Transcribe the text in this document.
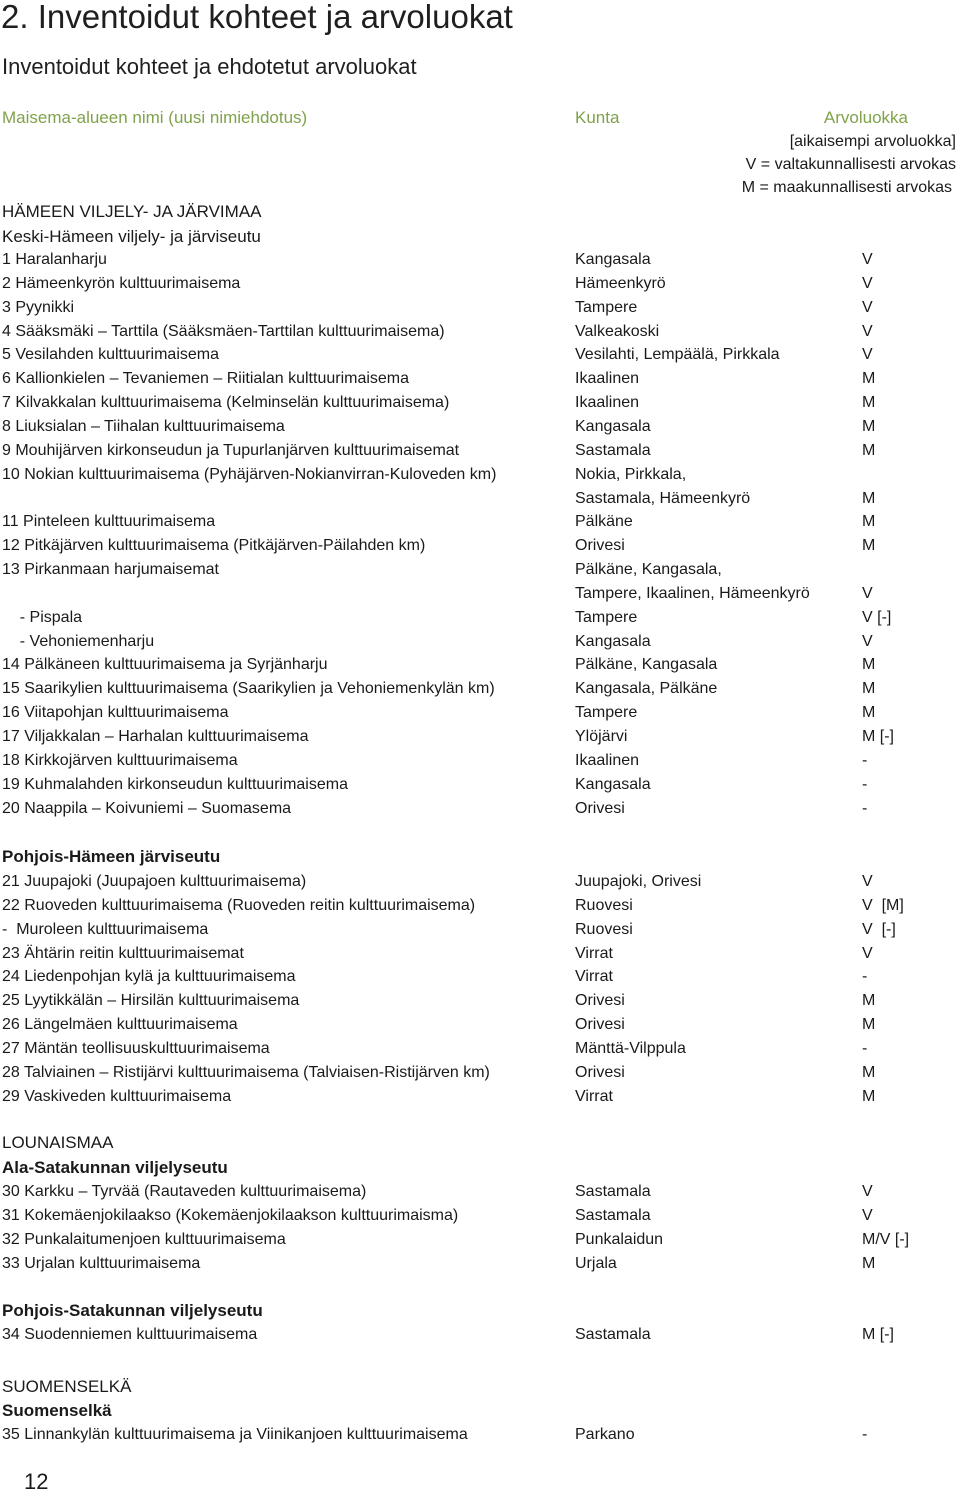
2. Inventoidut kohteet ja arvoluokat
Inventoidut kohteet ja ehdotetut arvoluokat
Maisema-alueen nimi (uusi nimiehdotus)	Kunta	Arvoluokka
[aikaisempi arvoluokka]
V = valtakunnallisesti arvokas
M = maakunnallisesti arvokas
HÄMEEN VILJELY- JA JÄRVIMAA
Keski-Hämeen viljely- ja järviseutu
Pohjois-Hämeen järviseutu
LOUNAISMAA
Ala-Satakunnan viljelyseutu
Pohjois-Satakunnan viljelyseutu
SUOMENSELKÄ
Suomenselkä
12
1 Haralanharju	Kangasala	V
2 Hämeenkyrön kulttuurimaisema	Hämeenkyrö	V
3 Pyynikki	Tampere	V
4 Sääksmäki – Tarttila (Sääksmäen-Tarttilan kulttuurimaisema)	Valkeakoski	V
5 Vesilahden kulttuurimaisema	Vesilahti, Lempäälä, Pirkkala	V
6 Kallionkielen – Tevaniemen – Riitialan kulttuurimaisema	Ikaalinen	M
7 Kilvakkalan kulttuurimaisema (Kelminselän kulttuurimaisema)	Ikaalinen	M
8 Liuksialan – Tiihalan kulttuurimaisema	Kangasala	M
9 Mouhijärven kirkonseudun ja Tupurlanjärven kulttuurimaisemat	Sastamala	M
10 Nokian kulttuurimaisema (Pyhäjärven-Nokianvirran-Kuloveden km)	Nokia, Pirkkala,
Sastamala, Hämeenkyrö	M
11 Pinteleen kulttuurimaisema	Pälkäne	M
12 Pitkäjärven kulttuurimaisema (Pitkäjärven-Päilahden km)	Orivesi	M
13 Pirkanmaan harjumaisemat	Pälkäne, Kangasala,
Tampere, Ikaalinen, Hämeenkyrö	V
- Pispala	Tampere	V [-]
- Vehoniemenharju	Kangasala	V
14 Pälkäneen kulttuurimaisema ja Syrjänharju	Pälkäne, Kangasala	M
15 Saarikylien kulttuurimaisema (Saarikylien ja Vehoniemenkylän km)	Kangasala, Pälkäne	M
16 Viitapohjan kulttuurimaisema	Tampere	M
17 Viljakkalan – Harhalan kulttuurimaisema	Ylöjärvi	M [-]
18 Kirkkojärven kulttuurimaisema	Ikaalinen	-
19 Kuhmalahden kirkonseudun kulttuurimaisema	Kangasala	-
20 Naappila – Koivuniemi – Suomasema	Orivesi	-
21 Juupajoki (Juupajoen kulttuurimaisema)	Juupajoki, Orivesi	V
22 Ruoveden kulttuurimaisema (Ruoveden reitin kulttuurimaisema)	Ruovesi	V  [M]
-  Muroleen kulttuurimaisema	Ruovesi	V  [-]
23 Ähtärin reitin kulttuurimaisemat	Virrat	V
24 Liedenpohjan kylä ja kulttuurimaisema	Virrat	-
25 Lyytikkälän – Hirsilän kulttuurimaisema	Orivesi	M
26 Längelmäen kulttuurimaisema	Orivesi	M
27 Mäntän teollisuuskulttuurimaisema	Mänttä-Vilppula	-
28 Talviainen – Ristijärvi kulttuurimaisema (Talviaisen-Ristijärven km)	Orivesi	M
29 Vaskiveden kulttuurimaisema	Virrat	M
30 Karkku – Tyrvää (Rautaveden kulttuurimaisema)	Sastamala	V
31 Kokemäenjokilaakso (Kokemäenjokilaakson kulttuurimaisma)	Sastamala	V
32 Punkalaitumenjoen kulttuurimaisema	Punkalaidun	M/V [-]
33 Urjalan kulttuurimaisema	Urjala	M
34 Suodenniemen kulttuurimaisema	Sastamala	M [-]
35 Linnankylän kulttuurimaisema ja Viinikanjoen kulttuurimaisema	Parkano	-
